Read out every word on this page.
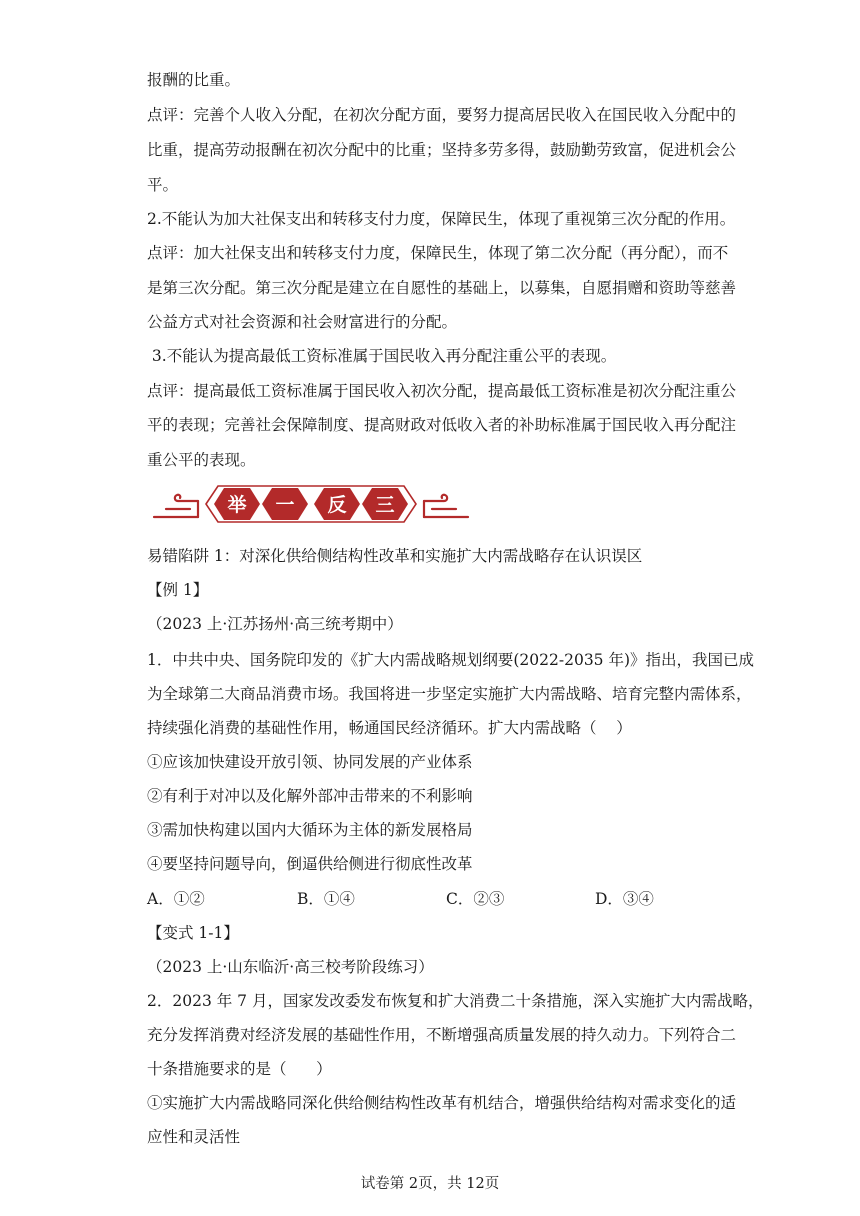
报酬的比重。
点评：完善个人收入分配，在初次分配方面，要努力提高居民收入在国民收入分配中的
比重，提高劳动报酬在初次分配中的比重；坚持多劳多得，鼓励勤劳致富，促进机会公
平。
2.不能认为加大社保支出和转移支付力度，保障民生，体现了重视第三次分配的作用。
点评：加大社保支出和转移支付力度，保障民生，体现了第二次分配（再分配），而不
是第三次分配。第三次分配是建立在自愿性的基础上，以募集，自愿捐赠和资助等慈善
公益方式对社会资源和社会财富进行的分配。
3.不能认为提高最低工资标准属于国民收入再分配注重公平的表现。
点评：提高最低工资标准属于国民收入初次分配，提高最低工资标准是初次分配注重公
平的表现；完善社会保障制度、提高财政对低收入者的补助标准属于国民收入再分配注
重公平的表现。
举 一 反 三
易错陷阱 1：对深化供给侧结构性改革和实施扩大内需战略存在认识误区
【例 1】
（2023 上·江苏扬州·高三统考期中）
1．中共中央、国务院印发的《扩大内需战略规划纲要(2022-2035 年)》指出，我国已成
为全球第二大商品消费市场。我国将进一步坚定实施扩大内需战略、培育完整内需体系，
持续强化消费的基础性作用，畅通国民经济循环。扩大内需战略（    ）
①应该加快建设开放引领、协同发展的产业体系
②有利于对冲以及化解外部冲击带来的不利影响
③需加快构建以国内大循环为主体的新发展格局
④要坚持问题导向，倒逼供给侧进行彻底性改革
A．①②	B．①④	C．②③	D．③④
【变式 1-1】
（2023 上·山东临沂·高三校考阶段练习）
2．2023 年 7 月，国家发改委发布恢复和扩大消费二十条措施，深入实施扩大内需战略，
充分发挥消费对经济发展的基础性作用，不断增强高质量发展的持久动力。下列符合二
十条措施要求的是（      ）
①实施扩大内需战略同深化供给侧结构性改革有机结合，增强供给结构对需求变化的适
应性和灵活性
试卷第 2页，共 12页
